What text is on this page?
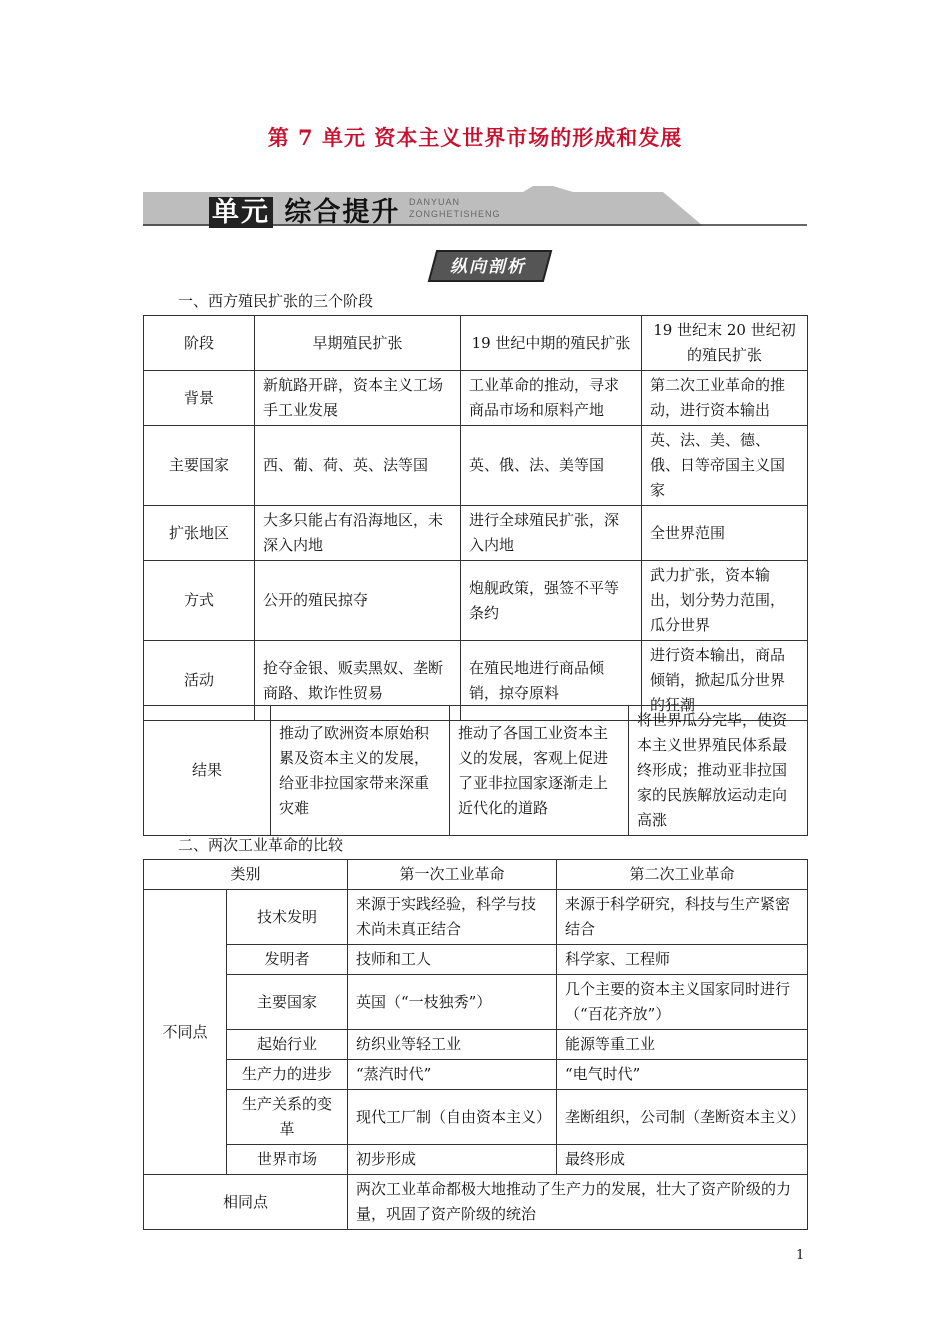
第 7 单元 资本主义世界市场的形成和发展
单元 综合提升 DANYUAN
ZONGHETISHENG
纵向剖析
一、西方殖民扩张的三个阶段
阶段	早期殖民扩张	19 世纪中期的殖民扩张	19 世纪末 20 世纪初的殖民扩张
背景	新航路开辟，资本主义工场手工业发展	工业革命的推动，寻求商品市场和原料产地	第二次工业革命的推动，进行资本输出
主要国家	西、葡、荷、英、法等国	英、俄、法、美等国	英、法、美、德、俄、日等帝国主义国家
扩张地区	大多只能占有沿海地区，未深入内地	进行全球殖民扩张，深入内地	全世界范围
方式	公开的殖民掠夺	炮舰政策，强签不平等条约	武力扩张，资本输出，划分势力范围，瓜分世界
活动	抢夺金银、贩卖黑奴、垄断商路、欺诈性贸易	在殖民地进行商品倾销，掠夺原料	进行资本输出，商品倾销，掀起瓜分世界的狂潮
结果	推动了欧洲资本原始积累及资本主义的发展，给亚非拉国家带来深重灾难	推动了各国工业资本主义的发展，客观上促进了亚非拉国家逐渐走上近代化的道路	将世界瓜分完毕，使资本主义世界殖民体系最终形成；推动亚非拉国家的民族解放运动走向高涨
二、两次工业革命的比较
类别		第一次工业革命	第二次工业革命
不同点	技术发明	来源于实践经验，科学与技术尚未真正结合	来源于科学研究，科技与生产紧密结合
	发明者	技师和工人	科学家、工程师
	主要国家	英国（“一枝独秀”）	几个主要的资本主义国家同时进行（“百花齐放”）
	起始行业	纺织业等轻工业	能源等重工业
	生产力的进步	“蒸汽时代”	“电气时代”
	生产关系的变革	现代工厂制（自由资本主义）	垄断组织，公司制（垄断资本主义）
	世界市场	初步形成	最终形成
相同点		两次工业革命都极大地推动了生产力的发展，壮大了资产阶级的力量，巩固了资产阶级的统治	
1
